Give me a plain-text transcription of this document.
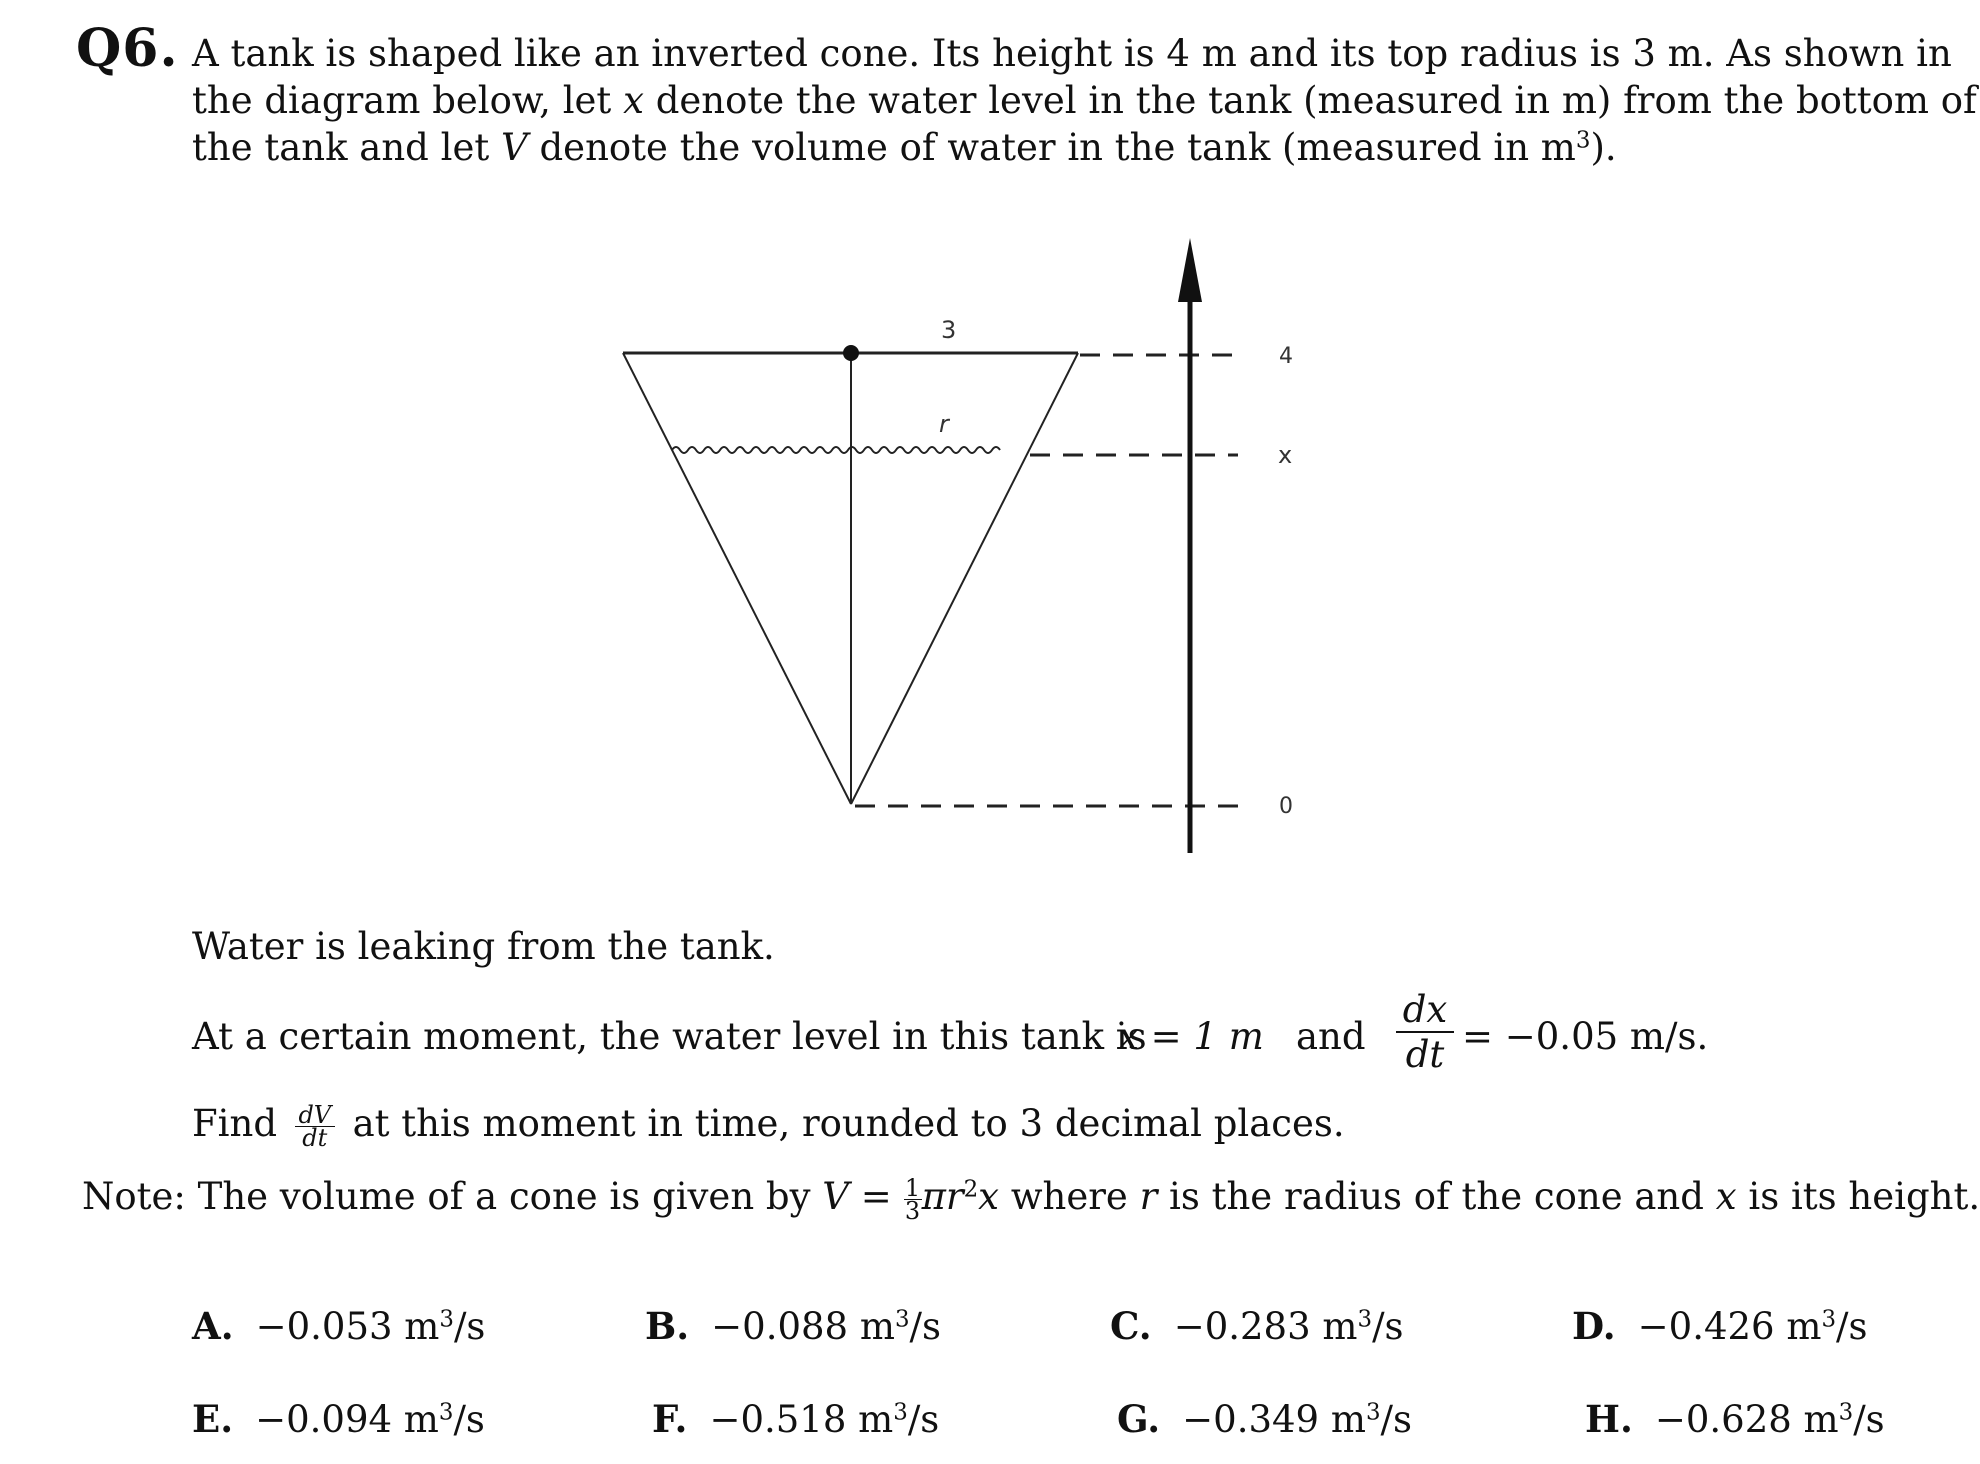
Q6. A tank is shaped like an inverted cone. Its height is 4 m and its top radius is 3 m. As shown in
the diagram below, let x denote the water level in the tank (measured in m) from the bottom of
the tank and let V denote the volume of water in the tank (measured in $m^3$).
3
r
4
x
0
Water is leaking from the tank.
At a certain moment, the water level in this tank is
x = 1 m and $\frac{dx}{dt} = -0.05$ m/s.
Find $\frac{dV}{dt}$ at this moment in time, rounded to 3 decimal places.
Note: The volume of a cone is given by $V = \frac{1}{3} \pi r^2x$ where r is the radius of the cone and x is its height.
A. −0.053 $m^3/s$	B. −0.088 $m^3/s$	C. −0.283 $m^3/s$	D. −0.426 $m^3/s$
E. −0.094 $m^3/s$	F. −0.518 $m^3/s$	G. −0.349 $m^3/s$	H. −0.628 $m^3/s$
